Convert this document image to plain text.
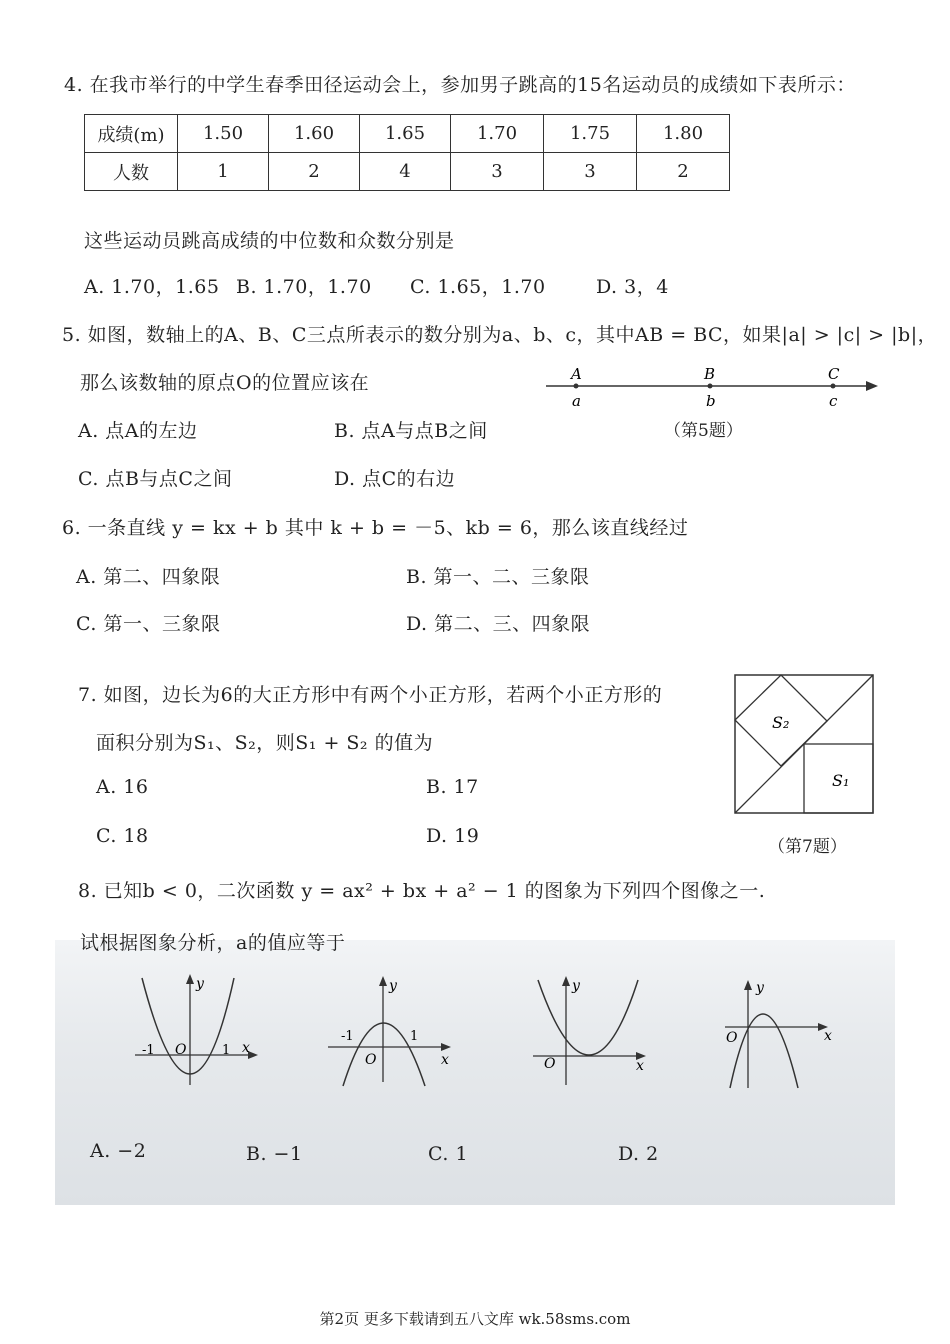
4. 在我市举行的中学生春季田径运动会上，参加男子跳高的15名运动员的成绩如下表所示：
成绩(m)	1.50	1.60	1.65	1.70	1.75	1.80
人数	1	2	4	3	3	2
这些运动员跳高成绩的中位数和众数分别是
A. 1.70，1.65 B. 1.70，1.70 C. 1.65，1.70	D. 3，4
5. 如图，数轴上的A、B、C三点所表示的数分别为a、b、c，其中AB = BC，如果|a| > |c| > |b|，
那么该数轴的原点O的位置应该在	A	B	C
a	b	c
（第5题）
A. 点A的左边	B. 点A与点B之间
C. 点B与点C之间	D. 点C的右边
6. 一条直线 y = kx + b 其中 k + b = －5、kb = 6，那么该直线经过
A. 第二、四象限	B. 第一、二、三象限
C. 第一、三象限	D. 第二、三、四象限
7. 如图，边长为6的大正方形中有两个小正方形，若两个小正方形的
面积分别为S₁、S₂，则S₁ + S₂ 的值为
A. 16	B. 17
C. 18	D. 19
S₂
S₁
（第7题）
8. 已知b < 0，二次函数 y = ax² + bx + a² − 1 的图象为下列四个图像之一.
试根据图象分析，a的值应等于
y
x
O
-1	1
y
x
O
-1	1
y
x
O
y
x
O
A. −2	B. −1	C. 1	D. 2
第2页 更多下载请到五八文库 wk.58sms.com
